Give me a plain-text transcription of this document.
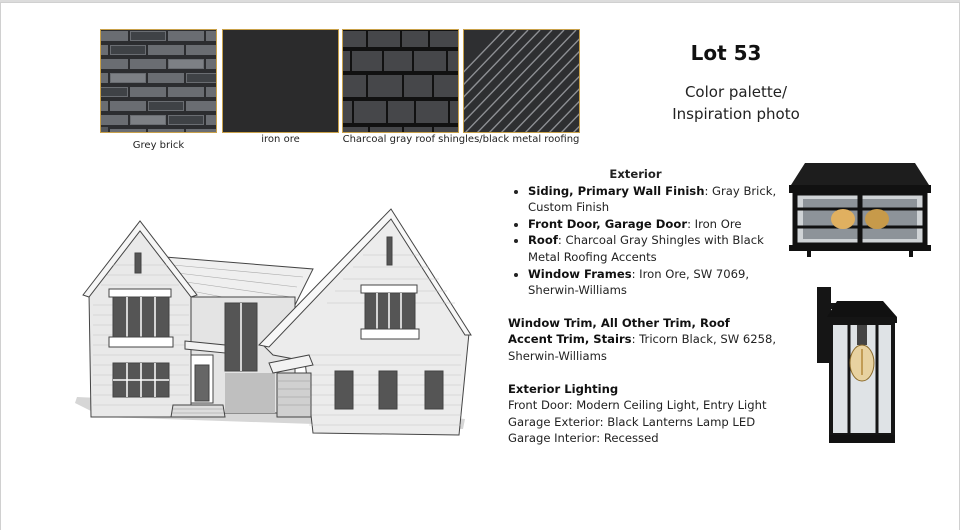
Grey brick
iron ore	Charcoal gray roof shingles/black metal roofing
Lot 53
Color palette/
Inspiration photo
Exterior
• Siding, Primary Wall Finish: Gray Brick, Custom Finish
• Front Door, Garage Door: Iron Ore
• Roof: Charcoal Gray Shingles with Black Metal Roofing Accents
• Window Frames: Iron Ore, SW 7069, Sherwin-Williams
Window Trim, All Other Trim, Roof Accent Trim, Stairs: Tricorn Black, SW 6258, Sherwin-Williams
Exterior Lighting
Front Door: Modern Ceiling Light, Entry Light
Garage Exterior: Black Lanterns Lamp LED
Garage Interior: Recessed
